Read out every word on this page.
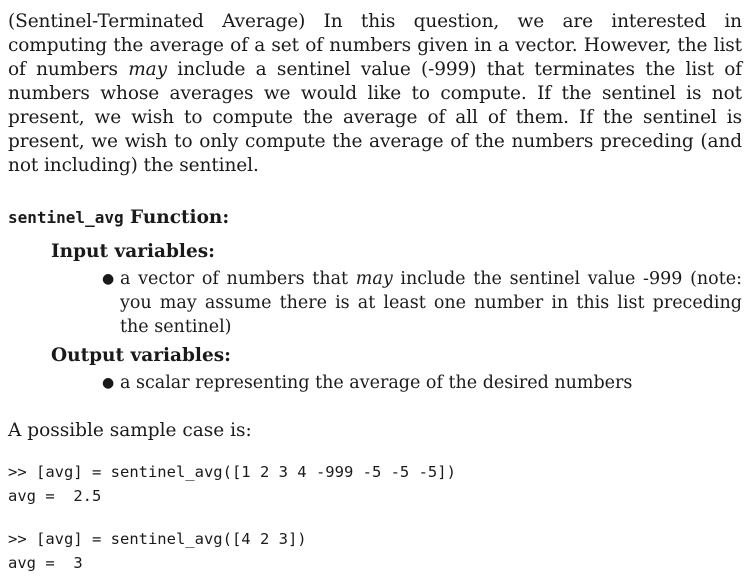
(Sentinel-Terminated Average) In this question, we are interested in computing the average of a set of numbers given in a vector. However, the list of numbers may include a sentinel value (-999) that terminates the list of numbers whose averages we would like to compute. If the sentinel is not present, we wish to compute the average of all of them. If the sentinel is present, we wish to only compute the average of the numbers preceding (and not including) the sentinel.

sentinel_avg Function:
Input variables:
● a vector of numbers that may include the sentinel value -999 (note: you may assume there is at least one number in this list preceding the sentinel)
Output variables:
● a scalar representing the average of the desired numbers
A possible sample case is:
>> [avg] = sentinel_avg([1 2 3 4 -999 -5 -5 -5])
avg =  2.5
>> [avg] = sentinel_avg([4 2 3])
avg =  3
